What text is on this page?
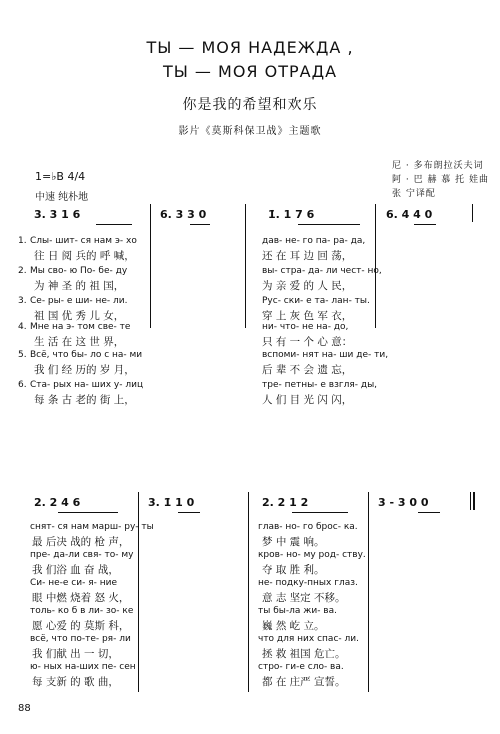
ТЫ — МОЯ НАДЕЖДА ,
ТЫ — МОЯ ОТРАДА
你是我的希望和欢乐
影片《莫斯科保卫战》主题歌
尼 · 多布朗拉沃夫词
阿 · 巴 赫 慕 托 娃曲
张 宁译配
1=♭B 4/4
中速 纯朴地
3. 3 1 6	6. 3 3 0	1̇. 1 7 6	6. 4 4 0
1.
2.
3.
4.
5.
6.
Слы- шит- ся нам э- хо
往 日 阅 兵的 呼 喊，
Мы сво- ю По- бе- ду
为 神 圣 的 祖 国，
Се- ры- е ши- не- ли.
祖 国 优 秀 儿 女，
Мне на э- том све- те
生 活 在 这 世 界，
Всё, что бы- ло с на- ми
我 们 经 历的 岁 月，
Ста- рых на- ших у- лиц
每 条 古 老的 街 上，
дав- не- го па- ра- да,
还 在 耳 边 回 荡，
вы- стра- да- ли чест- но,
为 亲 爱 的 人 民，
Рус- ски- е та- лан- ты.
穿 上 灰 色 军 衣，
ни- что- не на- до,
只 有 一 个 心 意：
вспоми- нят на- ши де- ти,
后 辈 不 会 遗 忘，
тре- петны- е взгля- ды,
人 们 目 光 闪 闪，
2. 2 4 6	3. 1̇ 1 0	2. 2 1 2	3 - 3 0 0
снят- ся нам марш- ру- ты
最 后决 战的 枪 声，
пре- да-ли свя- то- му
我 们浴 血 奋 战，
Си- не-е си- я- ние
眼 中燃 烧着 怒 火，
толь- ко б в ли- зо- ке
愿 心爱 的 莫斯 科，
всё, что по-те- ря- ли
我 们献 出 一 切，
ю- ных на-ших пе- сен
每 支新 的 歌 曲，
глав- но- го брос- ка.
梦 中 震 响。
кров- но- му род- ству.
夺 取 胜 利。
не- подку-пных глаз.
意 志 坚定 不移。
ты бы-ла жи- ва.
巍 然 屹 立。
что для них спас- ли.
拯 救 祖国 危亡。
стро- ги-е сло- ва.
都 在 庄严 宣誓。
88
